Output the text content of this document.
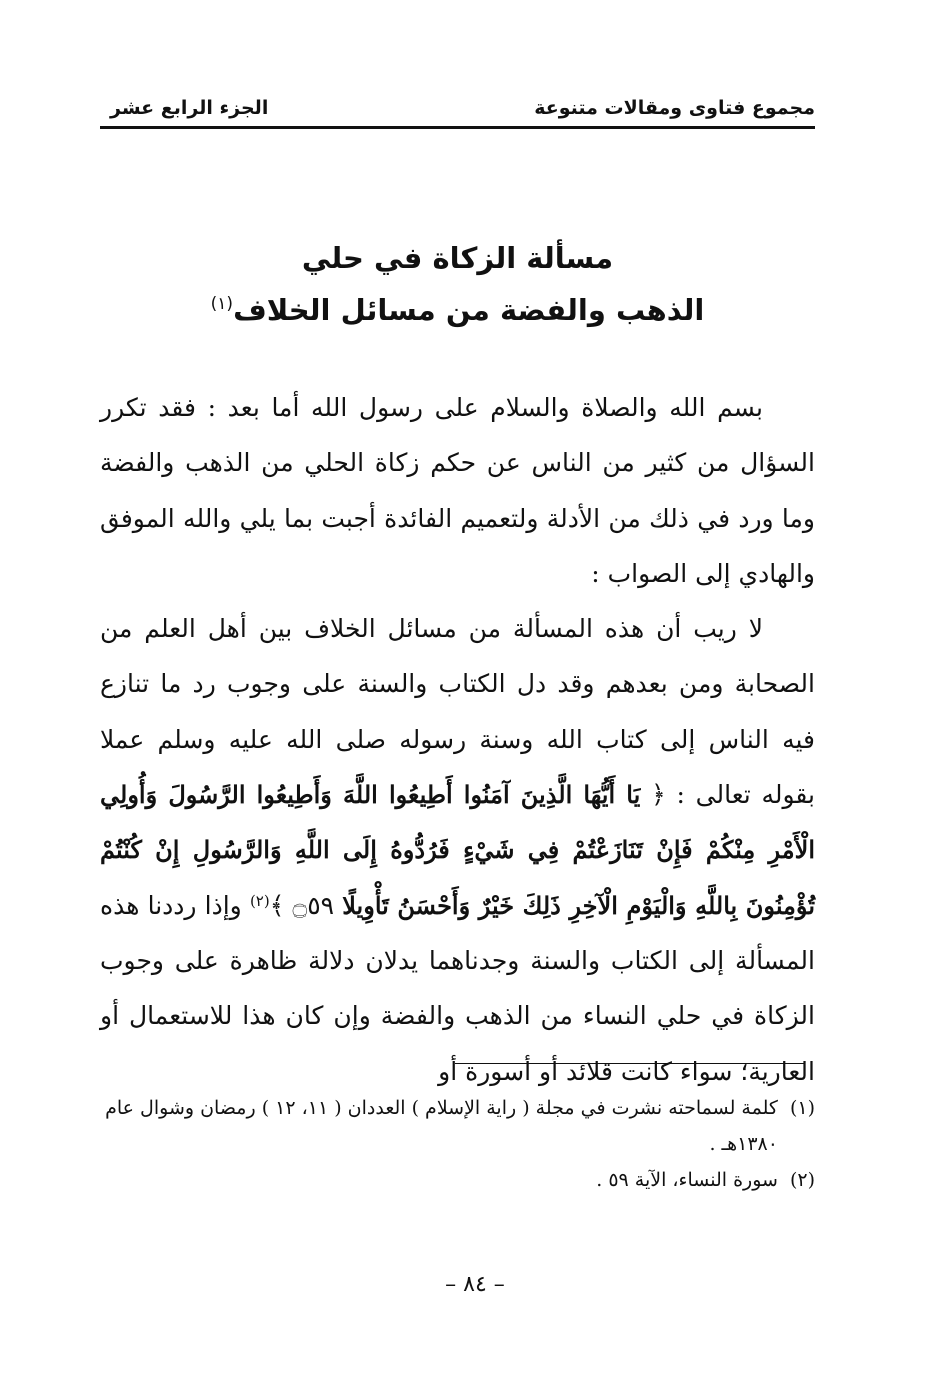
مجموع فتاوى ومقالات متنوعة
الجزء الرابع عشر
مسألة الزكاة في حلي
الذهب والفضة من مسائل الخلاف$^{(١)}$

بسم الله والصلاة والسلام على رسول الله أما بعد : فقد تكرر السؤال من كثير من الناس عن حكم زكاة الحلي من الذهب والفضة وما ورد في ذلك من الأدلة ولتعميم الفائدة أجبت بما يلي والله الموفق والهادي إلى الصواب :

لا ريب أن هذه المسألة من مسائل الخلاف بين أهل العلم من الصحابة ومن بعدهم وقد دل الكتاب والسنة على وجوب رد ما تنازع فيه الناس إلى كتاب الله وسنة رسوله صلى الله عليه وسلم عملا بقوله تعالى : ﴿ يَا أَيُّهَا الَّذِينَ آمَنُوا أَطِيعُوا اللَّهَ وَأَطِيعُوا الرَّسُولَ وَأُولِي الْأَمْرِ مِنْكُمْ فَإِنْ تَنَازَعْتُمْ فِي شَيْءٍ فَرُدُّوهُ إِلَى اللَّهِ وَالرَّسُولِ إِنْ كُنْتُمْ تُؤْمِنُونَ بِاللَّهِ وَالْيَوْمِ الْآخِرِ ذَلِكَ خَيْرٌ وَأَحْسَنُ تَأْوِيلًا ۝٥٩ ﴾$^{(٢)}$ وإذا رددنا هذه المسألة إلى الكتاب والسنة وجدناهما يدلان دلالة ظاهرة على وجوب الزكاة في حلي النساء من الذهب والفضة وإن كان هذا للاستعمال أو العارية؛ سواء كانت قلائد أو أسورة أو

(١)
كلمة لسماحته نشرت في مجلة ( راية الإسلام ) العددان ( ١١، ١٢ ) رمضان وشوال عام ١٣٨٠هـ .
(٢)
سورة النساء، الآية ٥٩ .
– ٨٤ –
